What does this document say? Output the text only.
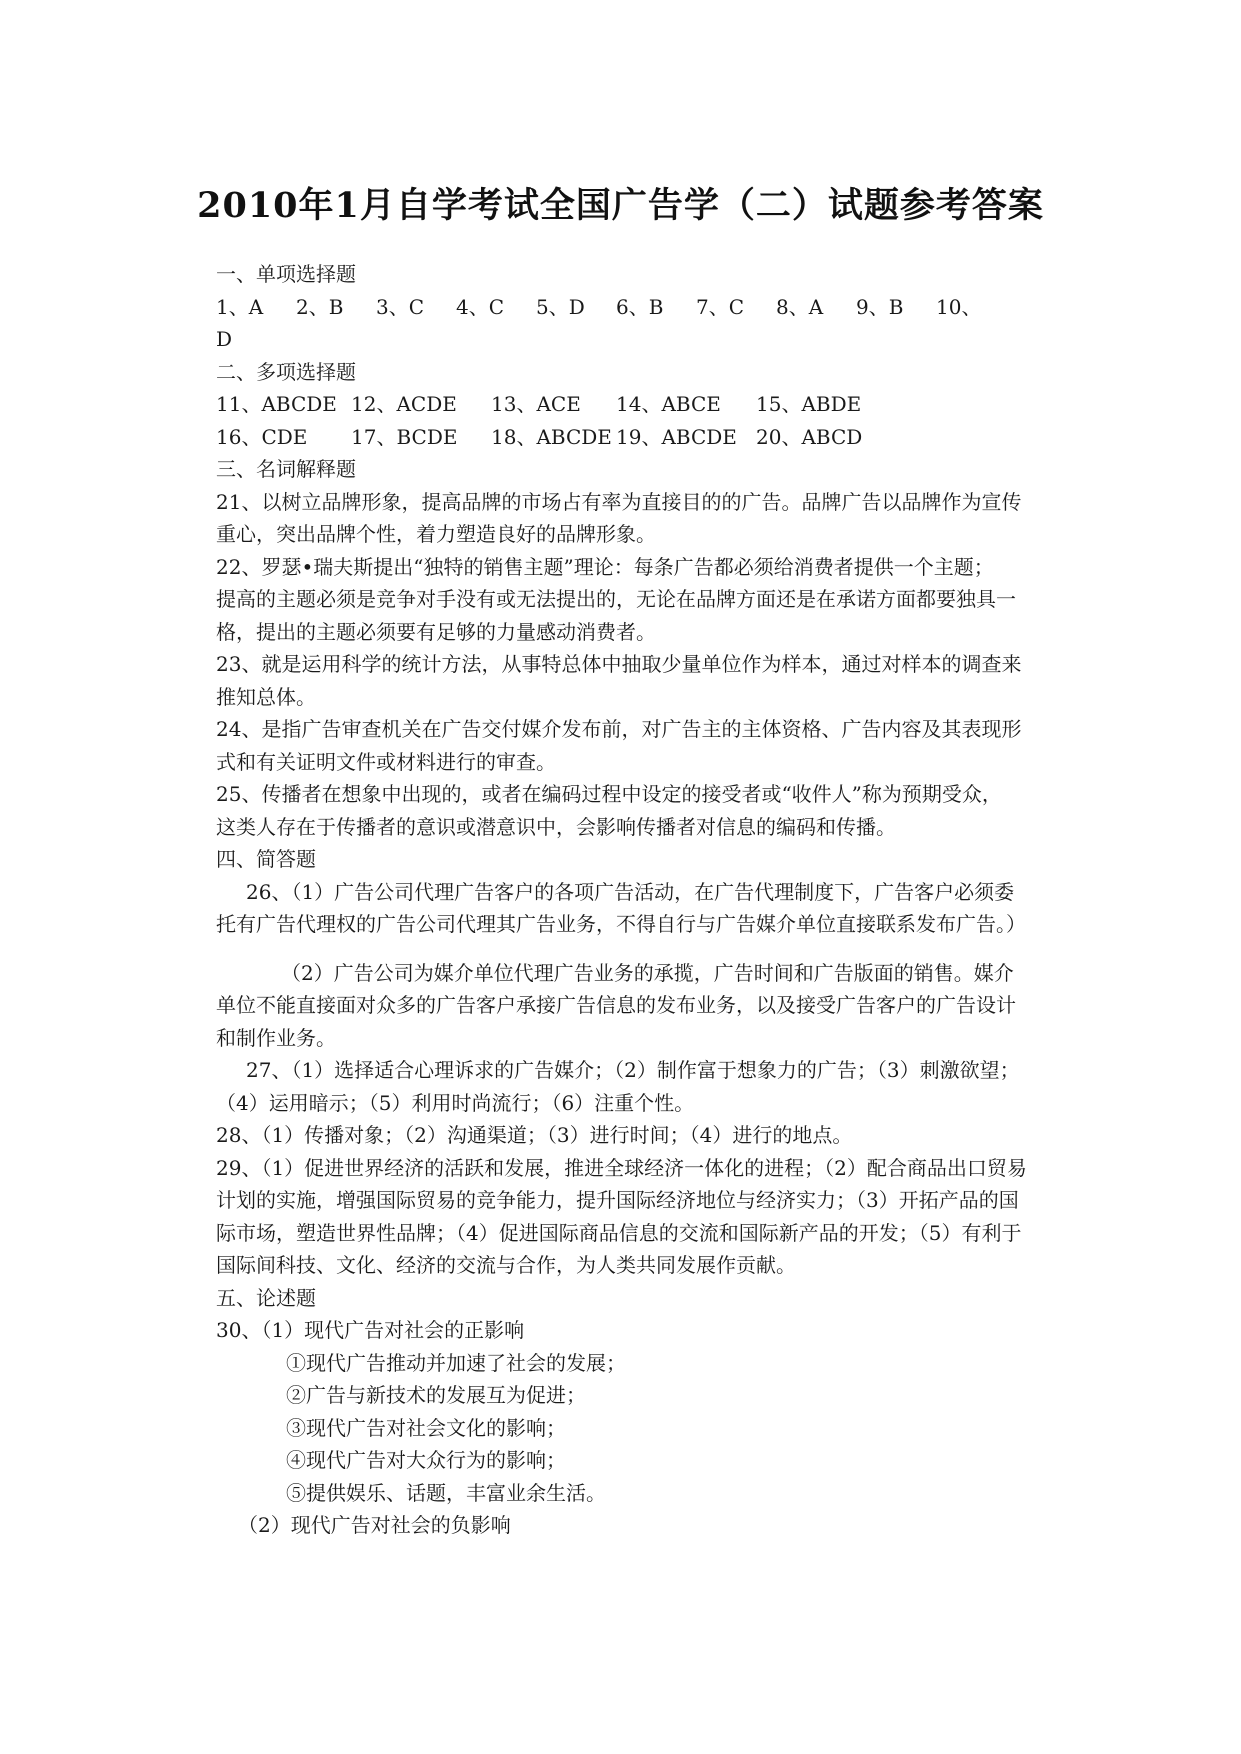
2010年1月自学考试全国广告学（二）试题参考答案
一、单项选择题
1、A	2、B	3、C	4、C	5、D	6、B	7、C	8、A	9、B	10、
D
二、多项选择题
11、ABCDE 12、ACDE	13、ACE	14、ABCE	15、ABDE
16、CDE	17、BCDE	18、ABCDE 19、ABCDE 20、ABCD
三、名词解释题
21、以树立品牌形象，提高品牌的市场占有率为直接目的的广告。品牌广告以品牌作为宣传
重心，突出品牌个性，着力塑造良好的品牌形象。
22、罗瑟•瑞夫斯提出“独特的销售主题”理论：每条广告都必须给消费者提供一个主题；
提高的主题必须是竞争对手没有或无法提出的，无论在品牌方面还是在承诺方面都要独具一
格，提出的主题必须要有足够的力量感动消费者。
23、就是运用科学的统计方法，从事特总体中抽取少量单位作为样本，通过对样本的调查来
推知总体。
24、是指广告审查机关在广告交付媒介发布前，对广告主的主体资格、广告内容及其表现形
式和有关证明文件或材料进行的审查。
25、传播者在想象中出现的，或者在编码过程中设定的接受者或“收件人”称为预期受众，
这类人存在于传播者的意识或潜意识中，会影响传播者对信息的编码和传播。
四、简答题
26、（1）广告公司代理广告客户的各项广告活动，在广告代理制度下，广告客户必须委
托有广告代理权的广告公司代理其广告业务，不得自行与广告媒介单位直接联系发布广告。）
（2）广告公司为媒介单位代理广告业务的承揽，广告时间和广告版面的销售。媒介
单位不能直接面对众多的广告客户承接广告信息的发布业务，以及接受广告客户的广告设计
和制作业务。
27、（1）选择适合心理诉求的广告媒介；（2）制作富于想象力的广告；（3）刺激欲望；
（4）运用暗示；（5）利用时尚流行；（6）注重个性。
28、（1）传播对象；（2）沟通渠道；（3）进行时间；（4）进行的地点。
29、（1）促进世界经济的活跃和发展，推进全球经济一体化的进程；（2）配合商品出口贸易
计划的实施，增强国际贸易的竞争能力，提升国际经济地位与经济实力；（3）开拓产品的国
际市场，塑造世界性品牌；（4）促进国际商品信息的交流和国际新产品的开发；（5）有利于
国际间科技、文化、经济的交流与合作，为人类共同发展作贡献。
五、论述题
30、（1）现代广告对社会的正影响
①现代广告推动并加速了社会的发展；
②广告与新技术的发展互为促进；
③现代广告对社会文化的影响；
④现代广告对大众行为的影响；
⑤提供娱乐、话题，丰富业余生活。
（2）现代广告对社会的负影响
